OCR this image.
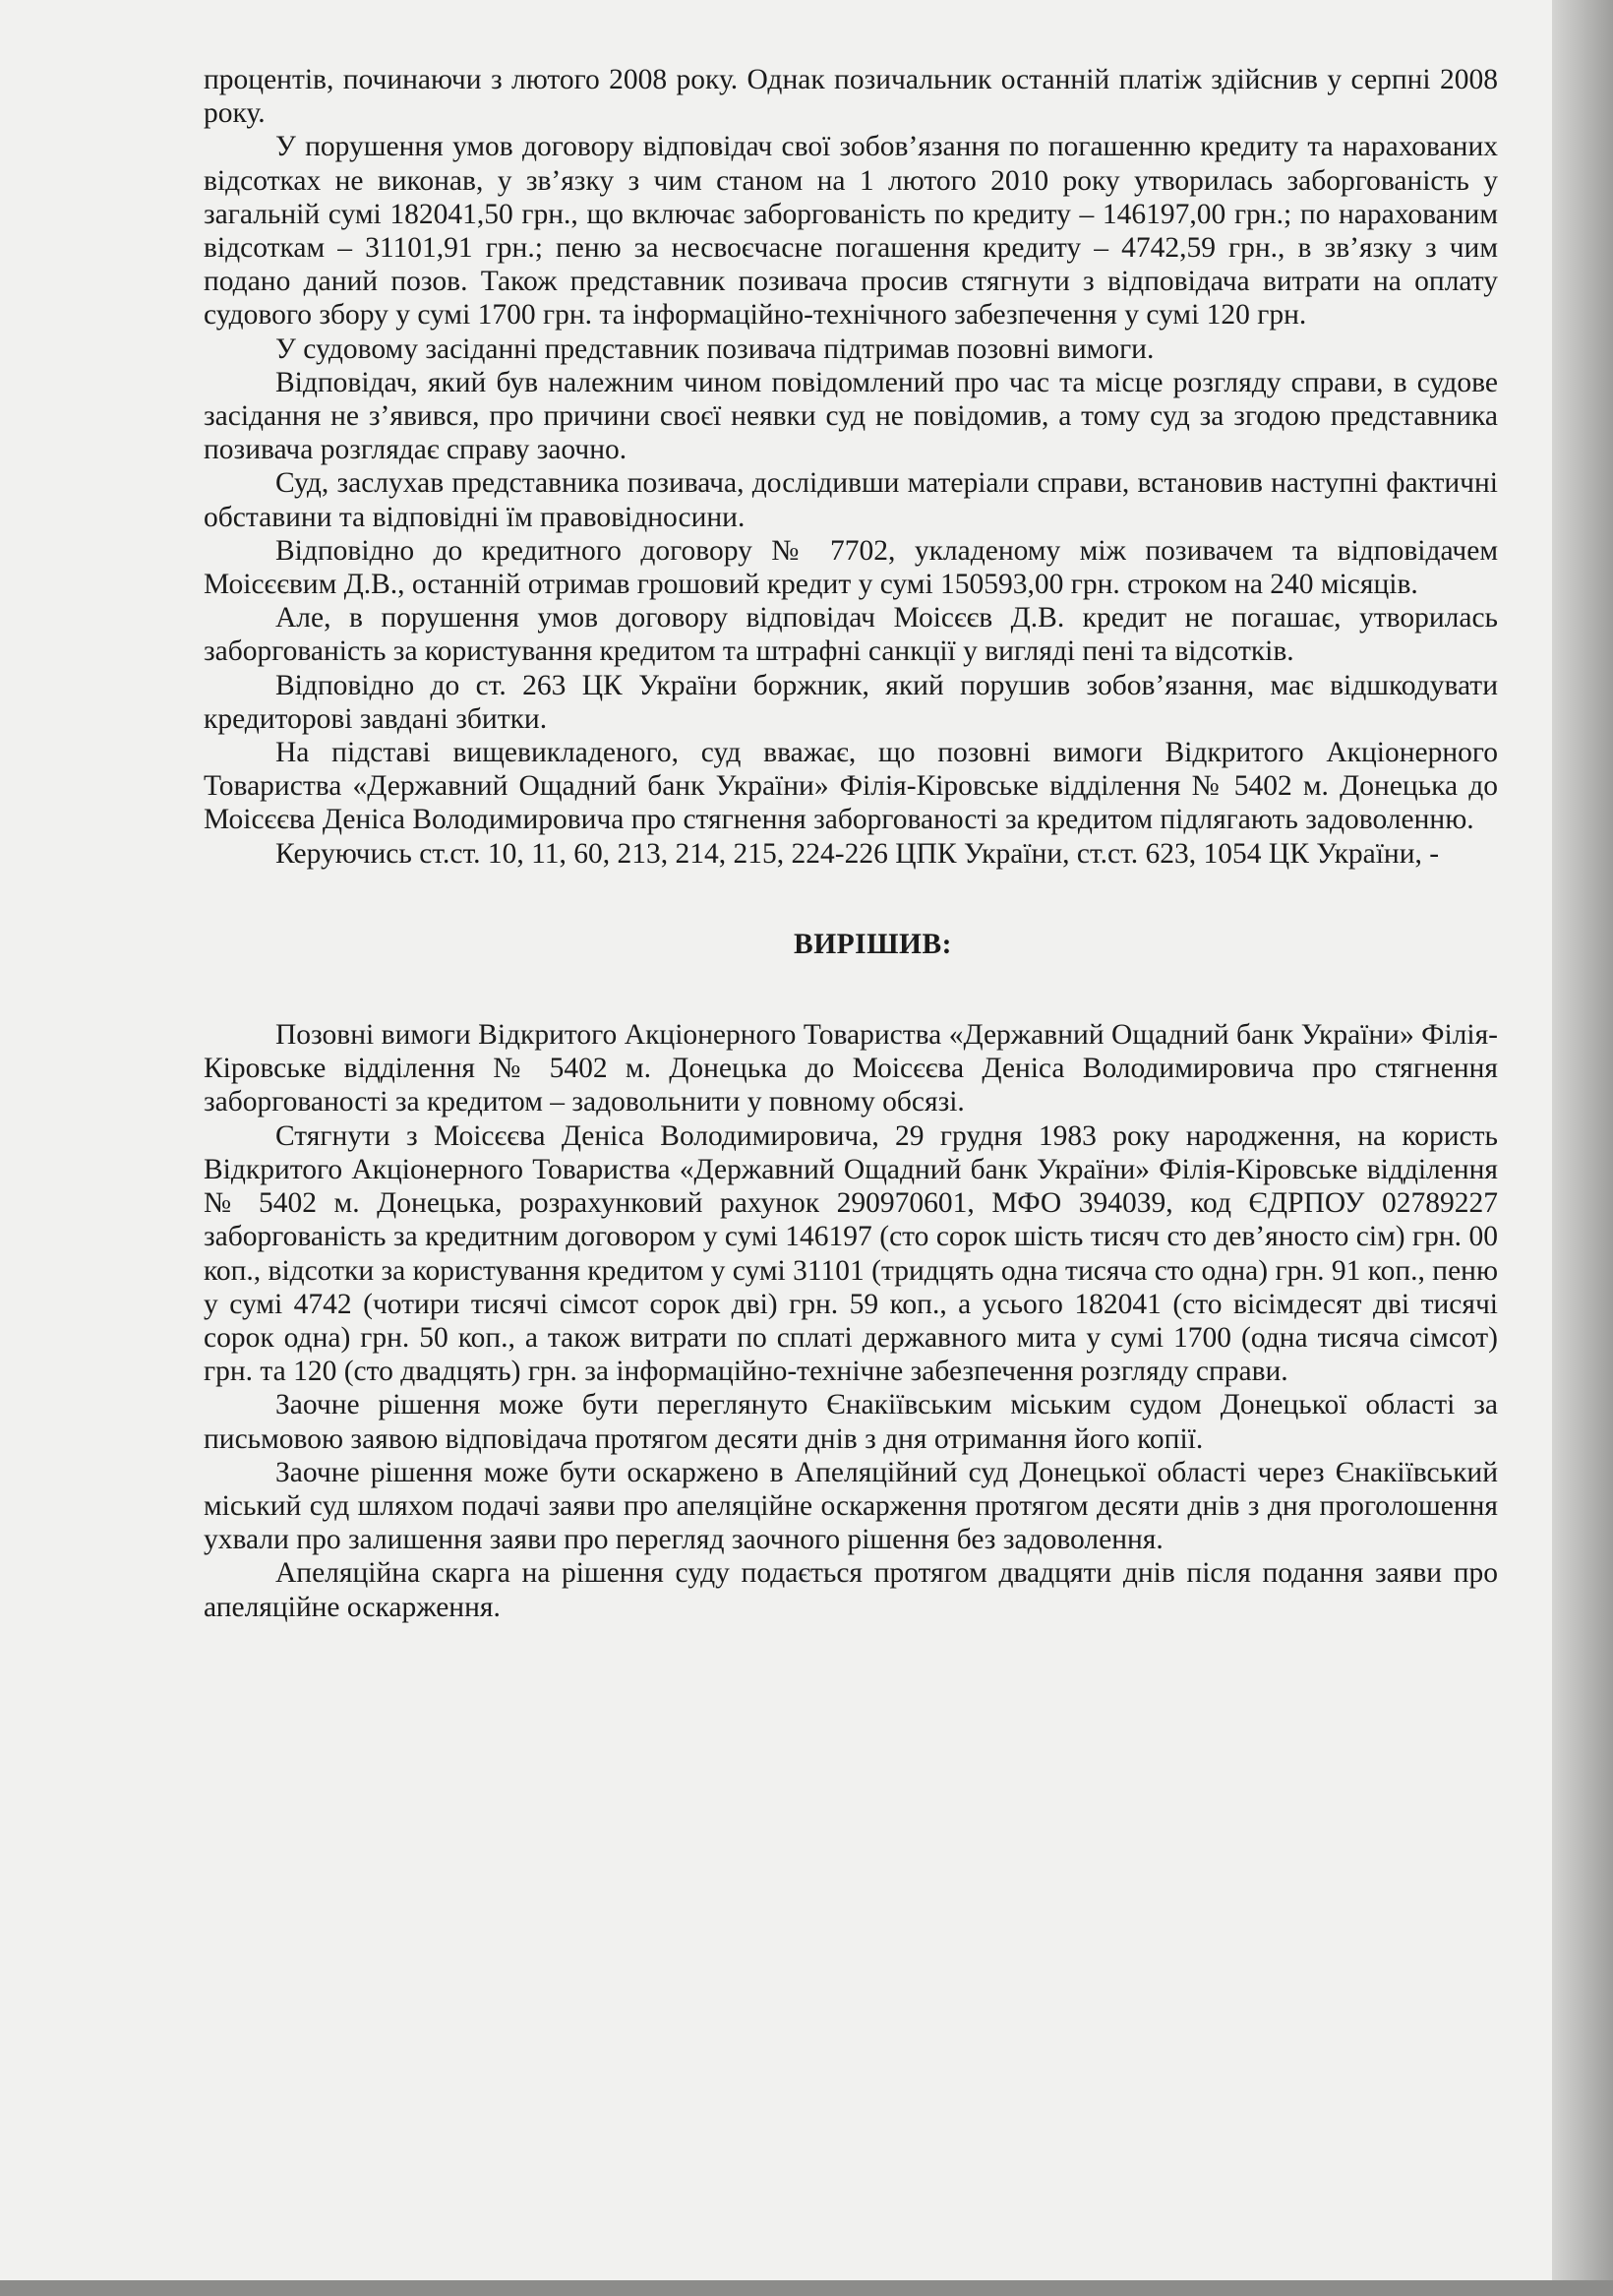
процентів, починаючи з лютого 2008 року. Однак позичальник останній платіж здійснив у серпні 2008 року.

У порушення умов договору відповідач свої зобов’язання по погашенню кредиту та нарахованих відсотках не виконав, у зв’язку з чим станом на 1 лютого 2010 року утворилась заборгованість у загальній сумі 182041,50 грн., що включає заборгованість по кредиту – 146197,00 грн.; по нарахованим відсоткам – 31101,91 грн.; пеню за несвоєчасне погашення кредиту – 4742,59 грн., в зв’язку з чим подано даний позов. Також представник позивача просив стягнути з відповідача витрати на оплату судового збору у сумі 1700 грн. та інформаційно-технічного забезпечення у сумі 120 грн.

У судовому засіданні представник позивача підтримав позовні вимоги.

Відповідач, який був належним чином повідомлений про час та місце розгляду справи, в судове засідання не з’явився, про причини своєї неявки суд не повідомив, а тому суд за згодою представника позивача розглядає справу заочно.

Суд, заслухав представника позивача, дослідивши матеріали справи, встановив наступні фактичні обставини та відповідні їм правовідносини.

Відповідно до кредитного договору № 7702, укладеному між позивачем та відповідачем Моісєєвим Д.В., останній отримав грошовий кредит у сумі 150593,00 грн. строком на 240 місяців.

Але, в порушення умов договору відповідач Моісєєв Д.В. кредит не погашає, утворилась заборгованість за користування кредитом та штрафні санкції у вигляді пені та відсотків.

Відповідно до ст. 263 ЦК України боржник, який порушив зобов’язання, має відшкодувати кредиторові завдані збитки.

На підставі вищевикладеного, суд вважає, що позовні вимоги Відкритого Акціонерного Товариства «Державний Ощадний банк України» Філія-Кіровське відділення № 5402 м. Донецька до Моісєєва Деніса Володимировича про стягнення заборгованості за кредитом підлягають задоволенню.

Керуючись ст.ст. 10, 11, 60, 213, 214, 215, 224-226 ЦПК України, ст.ст. 623, 1054 ЦК України, -

ВИРІШИВ:

Позовні вимоги Відкритого Акціонерного Товариства «Державний Ощадний банк України» Філія-Кіровське відділення № 5402 м. Донецька до Моісєєва Деніса Володимировича про стягнення заборгованості за кредитом – задовольнити у повному обсязі.

Стягнути з Моісєєва Деніса Володимировича, 29 грудня 1983 року народження, на користь Відкритого Акціонерного Товариства «Державний Ощадний банк України» Філія-Кіровське відділення № 5402 м. Донецька, розрахунковий рахунок 290970601, МФО 394039, код ЄДРПОУ 02789227 заборгованість за кредитним договором у сумі 146197 (сто сорок шість тисяч сто дев’яносто сім) грн. 00 коп., відсотки за користування кредитом у сумі 31101 (тридцять одна тисяча сто одна) грн. 91 коп., пеню у сумі 4742 (чотири тисячі сімсот сорок дві) грн. 59 коп., а усього 182041 (сто вісімдесят дві тисячі сорок одна) грн. 50 коп., а також витрати по сплаті державного мита у сумі 1700 (одна тисяча сімсот) грн. та 120 (сто двадцять) грн. за інформаційно-технічне забезпечення розгляду справи.

Заочне рішення може бути переглянуто Єнакіївським міським судом Донецької області за письмовою заявою відповідача протягом десяти днів з дня отримання його копії.

Заочне рішення може бути оскаржено в Апеляційний суд Донецької області через Єнакіївський міський суд шляхом подачі заяви про апеляційне оскарження протягом десяти днів з дня проголошення ухвали про залишення заяви про перегляд заочного рішення без задоволення.

Апеляційна скарга на рішення суду подається протягом двадцяти днів після подання заяви про апеляційне оскарження.
